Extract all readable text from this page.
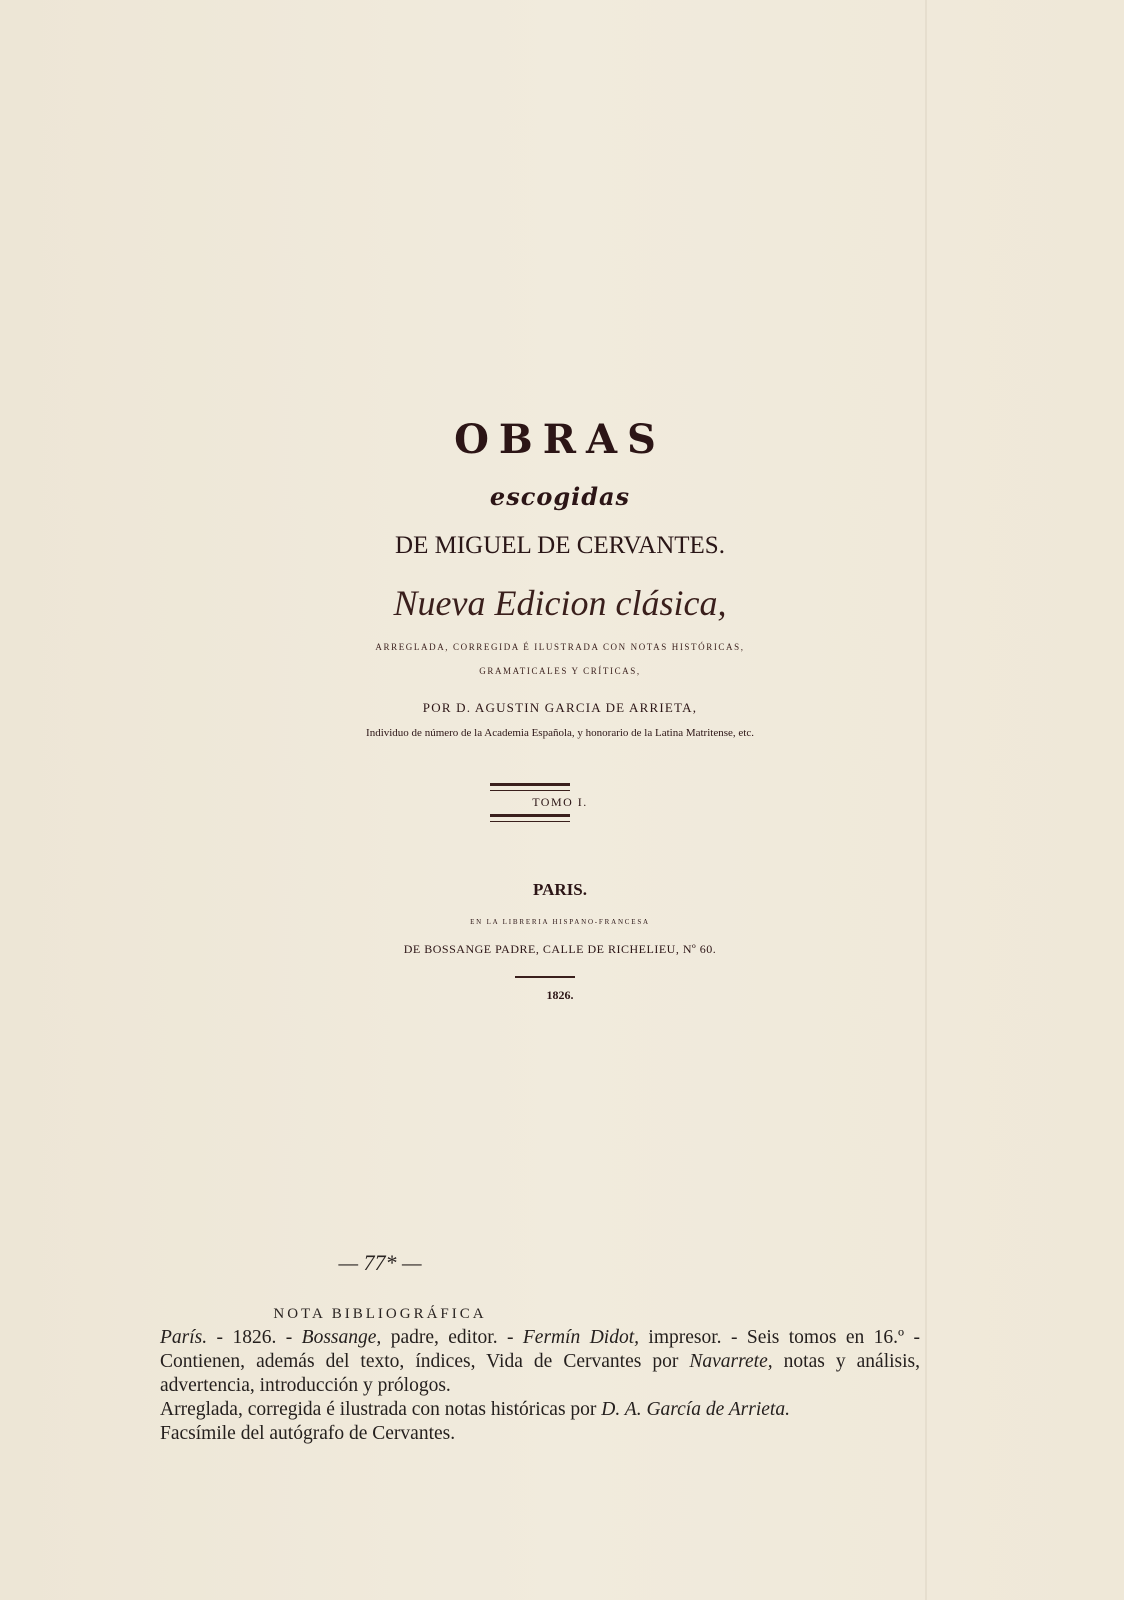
OBRAS
escogidas
DE MIGUEL DE CERVANTES.
Nueva Edicion clásica,
ARREGLADA, CORREGIDA É ILUSTRADA CON NOTAS HISTÓRICAS,
GRAMATICALES Y CRÍTICAS,
POR D. AGUSTIN GARCIA DE ARRIETA,
Individuo de número de la Academia Española, y honorario de la Latina Matritense, etc.
TOMO I.
PARIS.
EN LA LIBRERIA HISPANO-FRANCESA
DE BOSSANGE PADRE, CALLE DE RICHELIEU, Nº 60.
1826.
— 77* —
NOTA BIBLIOGRÁFICA

París. - 1826. - Bossange, padre, editor. - Fermín Didot, impresor. - Seis tomos en 16.º - Contienen, además del texto, índices, Vida de Cervantes por Navarrete, notas y análisis, advertencia, introducción y prólogos.

Arreglada, corregida é ilustrada con notas históricas por D. A. García de Arrieta.

Facsímile del autógrafo de Cervantes.
